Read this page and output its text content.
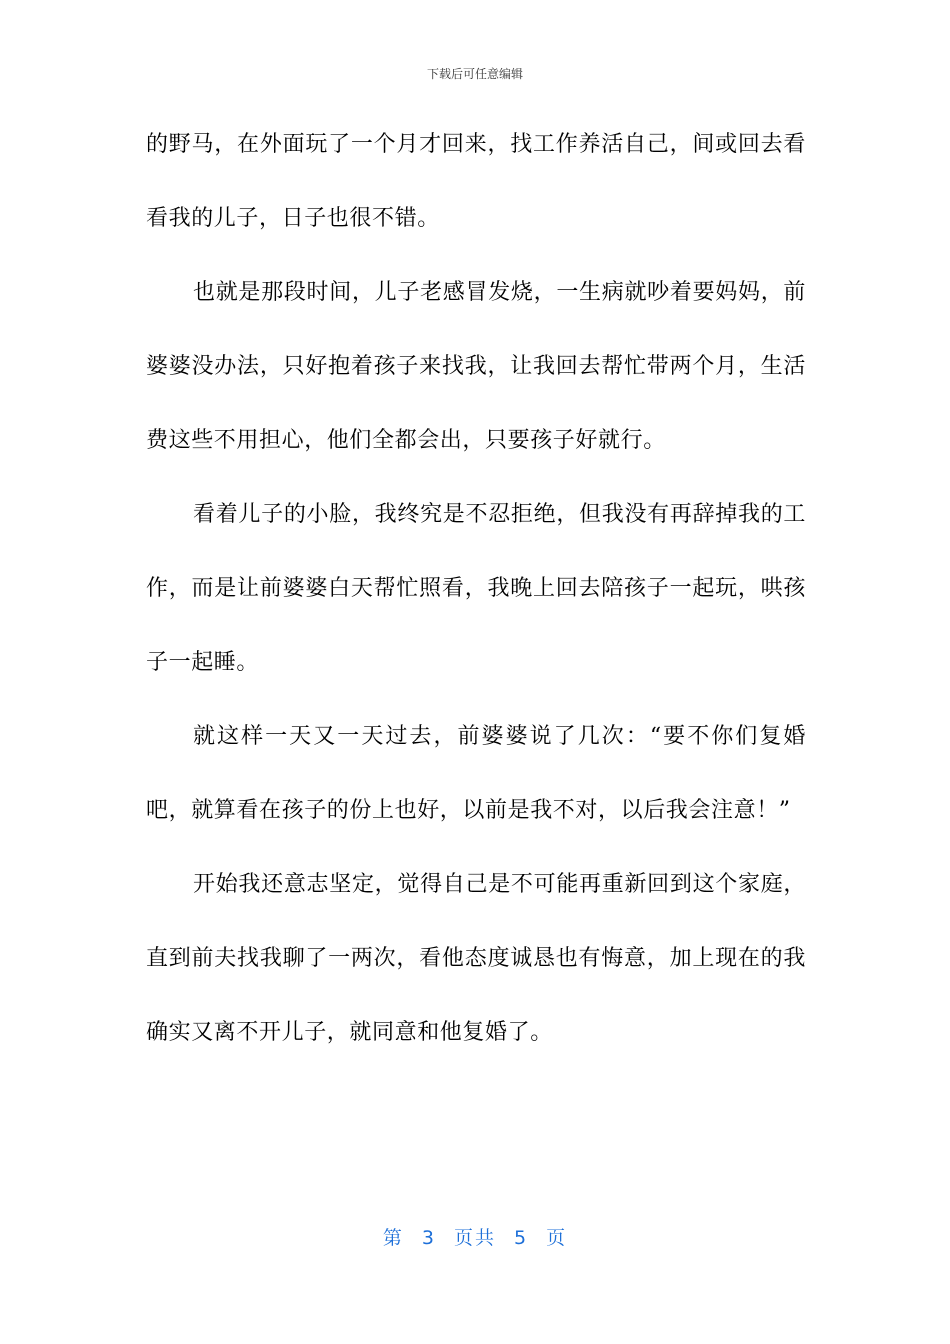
下载后可任意编辑

的野马，在外面玩了一个月才回来，找工作养活自己，间或回去看看我的儿子，日子也很不错。

也就是那段时间，儿子老感冒发烧，一生病就吵着要妈妈，前婆婆没办法，只好抱着孩子来找我，让我回去帮忙带两个月，生活费这些不用担心，他们全都会出，只要孩子好就行。

看着儿子的小脸，我终究是不忍拒绝，但我没有再辞掉我的工作，而是让前婆婆白天帮忙照看，我晚上回去陪孩子一起玩，哄孩子一起睡。

就这样一天又一天过去，前婆婆说了几次：“要不你们复婚吧，就算看在孩子的份上也好，以前是我不对，以后我会注意！”

开始我还意志坚定，觉得自己是不可能再重新回到这个家庭，直到前夫找我聊了一两次，看他态度诚恳也有悔意，加上现在的我确实又离不开儿子，就同意和他复婚了。

第 3 页共 5 页
